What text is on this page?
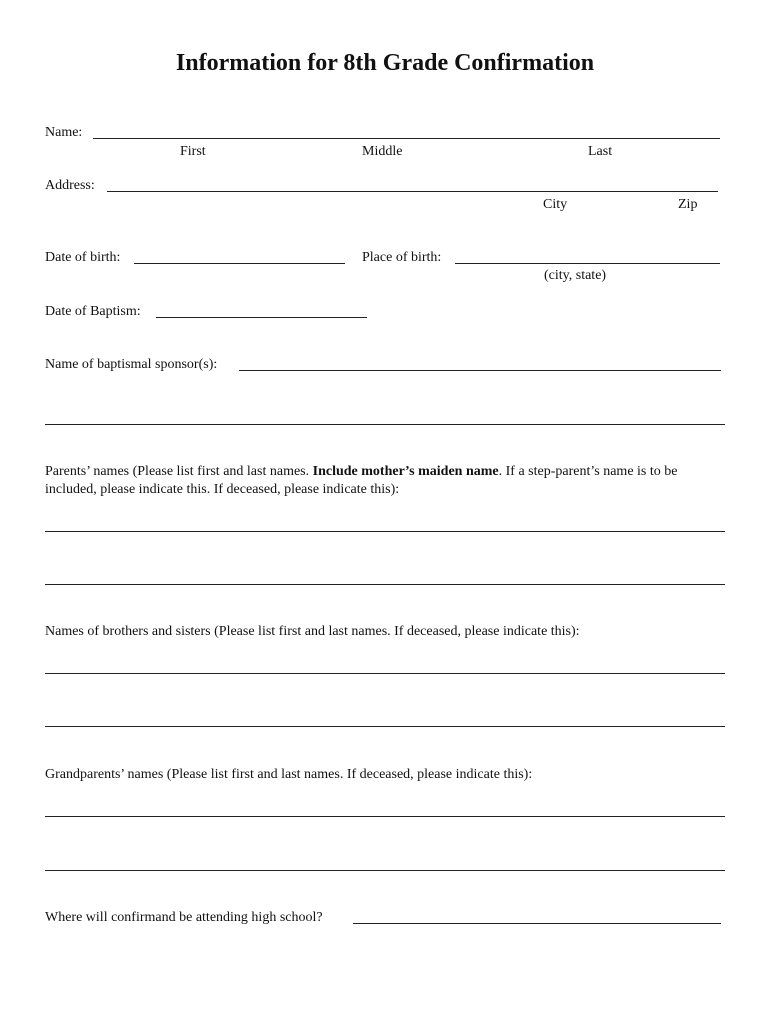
Information for 8th Grade Confirmation
Name:
First	Middle	Last
Address:
City	Zip
Date of birth:	Place of birth:
(city, state)
Date of Baptism:
Name of baptismal sponsor(s):
Parents’ names (Please list first and last names. Include mother’s maiden name. If a step-parent’s name is to be included, please indicate this. If deceased, please indicate this):
Names of brothers and sisters (Please list first and last names. If deceased, please indicate this):
Grandparents’ names (Please list first and last names. If deceased, please indicate this):
Where will confirmand be attending high school?
